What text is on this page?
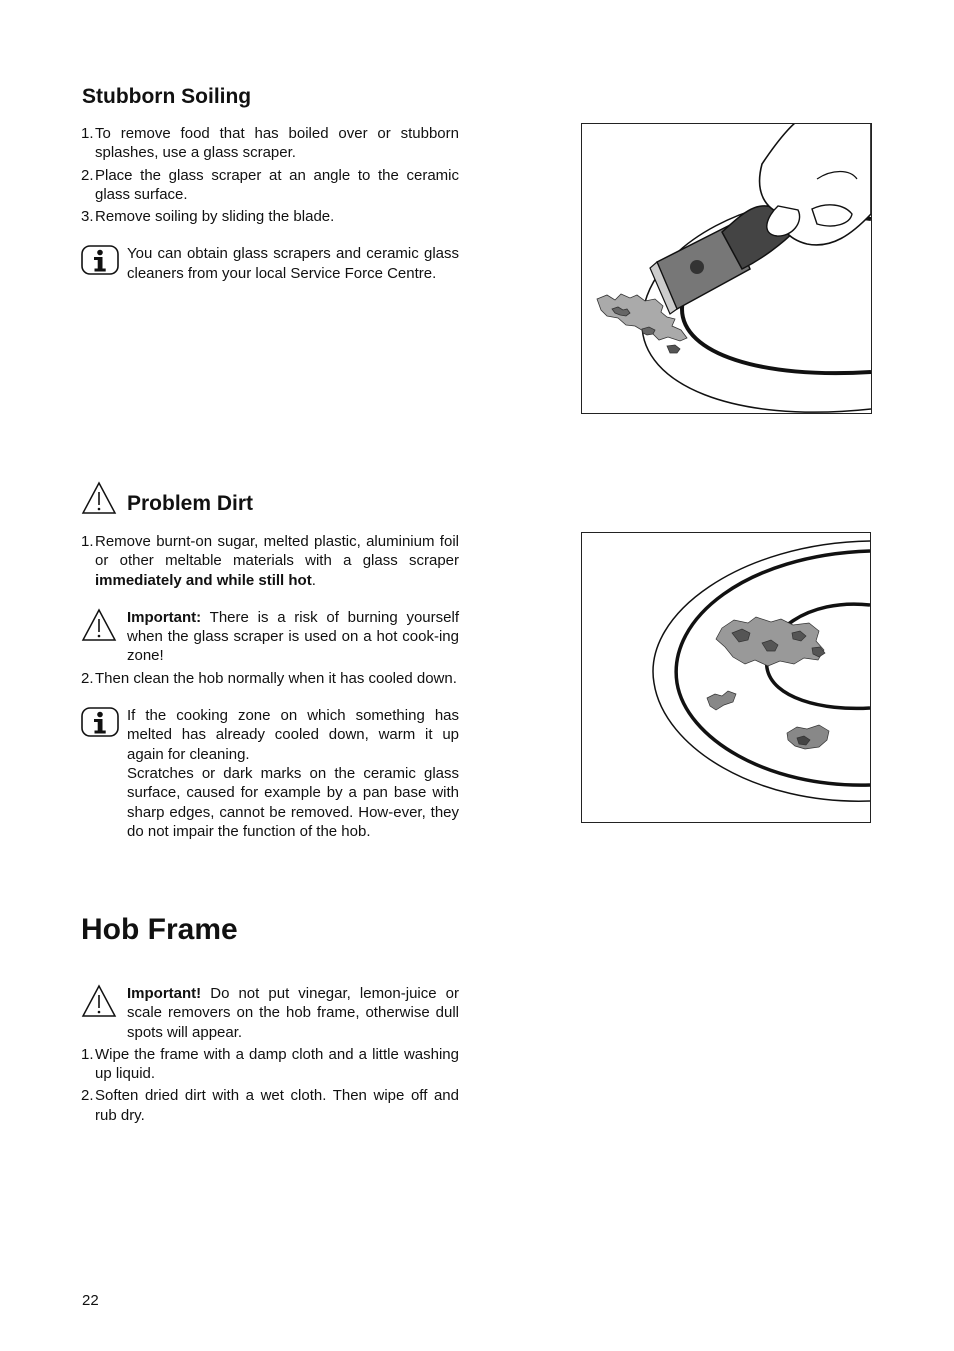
Stubborn Soiling
1. To remove food that has boiled over or stubborn splashes, use a glass scraper.
2. Place the glass scraper at an angle to the ceramic glass surface.
3. Remove soiling by sliding the blade.
You can obtain glass scrapers and ceramic glass cleaners from your local Service Force Centre.
Problem Dirt
1. Remove burnt-on sugar, melted plastic, aluminium foil or other meltable materials with a glass scraper immediately and while still hot.
Important: There is a risk of burning yourself when the glass scraper is used on a hot cook-ing zone!
2. Then clean the hob normally when it has cooled down.
If the cooking zone on which something has melted has already cooled down, warm it up again for cleaning.
Scratches or dark marks on the ceramic glass surface, caused for example by a pan base with sharp edges, cannot be removed. How-ever, they do not impair the function of the hob.
Hob Frame
Important! Do not put vinegar, lemon-juice or scale removers on the hob frame, otherwise dull spots will appear.
1. Wipe the frame with a damp cloth and a little washing up liquid.
2. Soften dried dirt with a wet cloth. Then wipe off and rub dry.
22
